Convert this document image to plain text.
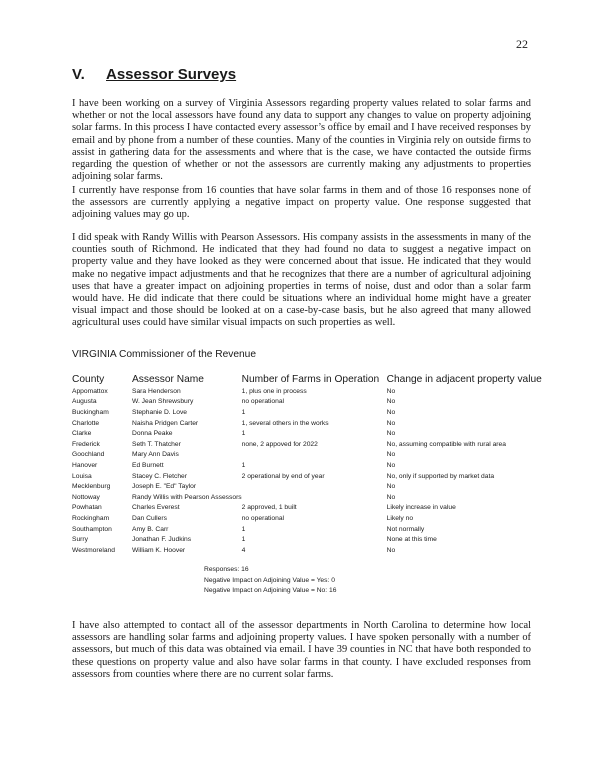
22
V. Assessor Surveys

I have been working on a survey of Virginia Assessors regarding property values related to solar farms and whether or not the local assessors have found any data to support any changes to value on property adjoining solar farms. In this process I have contacted every assessor’s office by email and I have received responses by email and by phone from a number of these counties. Many of the counties in Virginia rely on outside firms to assist in gathering data for the assessments and where that is the case, we have contacted the outside firms regarding the question of whether or not the assessors are currently making any adjustments to properties adjoining solar farms.

I currently have response from 16 counties that have solar farms in them and of those 16 responses none of the assessors are currently applying a negative impact on property value. One response suggested that adjoining values may go up.

I did speak with Randy Willis with Pearson Assessors. His company assists in the assessments in many of the counties south of Richmond. He indicated that they had found no data to suggest a negative impact on property value and they have looked as they were concerned about that issue. He indicated that they would make no negative impact adjustments and that he recognizes that there are a number of agricultural adjoining uses that have a greater impact on adjoining properties in terms of noise, dust and odor than a solar farm would have. He did indicate that there could be situations where an individual home might have a greater visual impact and those should be looked at on a case-by-case basis, but he also agreed that many allowed agricultural uses could have similar visual impacts on such properties as well.

VIRGINIA Commissioner of the Revenue
County	Assessor Name	Number of Farms in Operation	Change in adjacent property value
Appomattox	Sara Henderson	1, plus one in process	No
Augusta	W. Jean Shrewsbury	no operational	No
Buckingham	Stephanie D. Love	1	No
Charlotte	Naisha Pridgen Carter	1, several others in the works	No
Clarke	Donna Peake	1	No
Frederick	Seth T. Thatcher	none, 2 appoved for 2022	No, assuming compatible with rural area
Goochland	Mary Ann Davis		No
Hanover	Ed Burnett	1	No
Louisa	Stacey C. Fletcher	2 operational by end of year	No, only if supported by market data
Mecklenburg	Joseph E. "Ed" Taylor		No
Nottoway	Randy Willis with Pearson Assessors		No
Powhatan	Charles Everest	2 approved, 1 built	Likely increase in value
Rockingham	Dan Cullers	no operational	Likely no
Southampton	Amy B. Carr	1	Not normally
Surry	Jonathan F. Judkins	1	None at this time
Westmoreland	William K. Hoover	4	No
Responses: 16
Negative Impact on Adjoining Value = Yes: 0
Negative Impact on Adjoining Value = No: 16

I have also attempted to contact all of the assessor departments in North Carolina to determine how local assessors are handling solar farms and adjoining property values. I have spoken personally with a number of assessors, but much of this data was obtained via email. I have 39 counties in NC that have both responded to these questions on property value and also have solar farms in that county. I have excluded responses from assessors from counties where there are no current solar farms.
